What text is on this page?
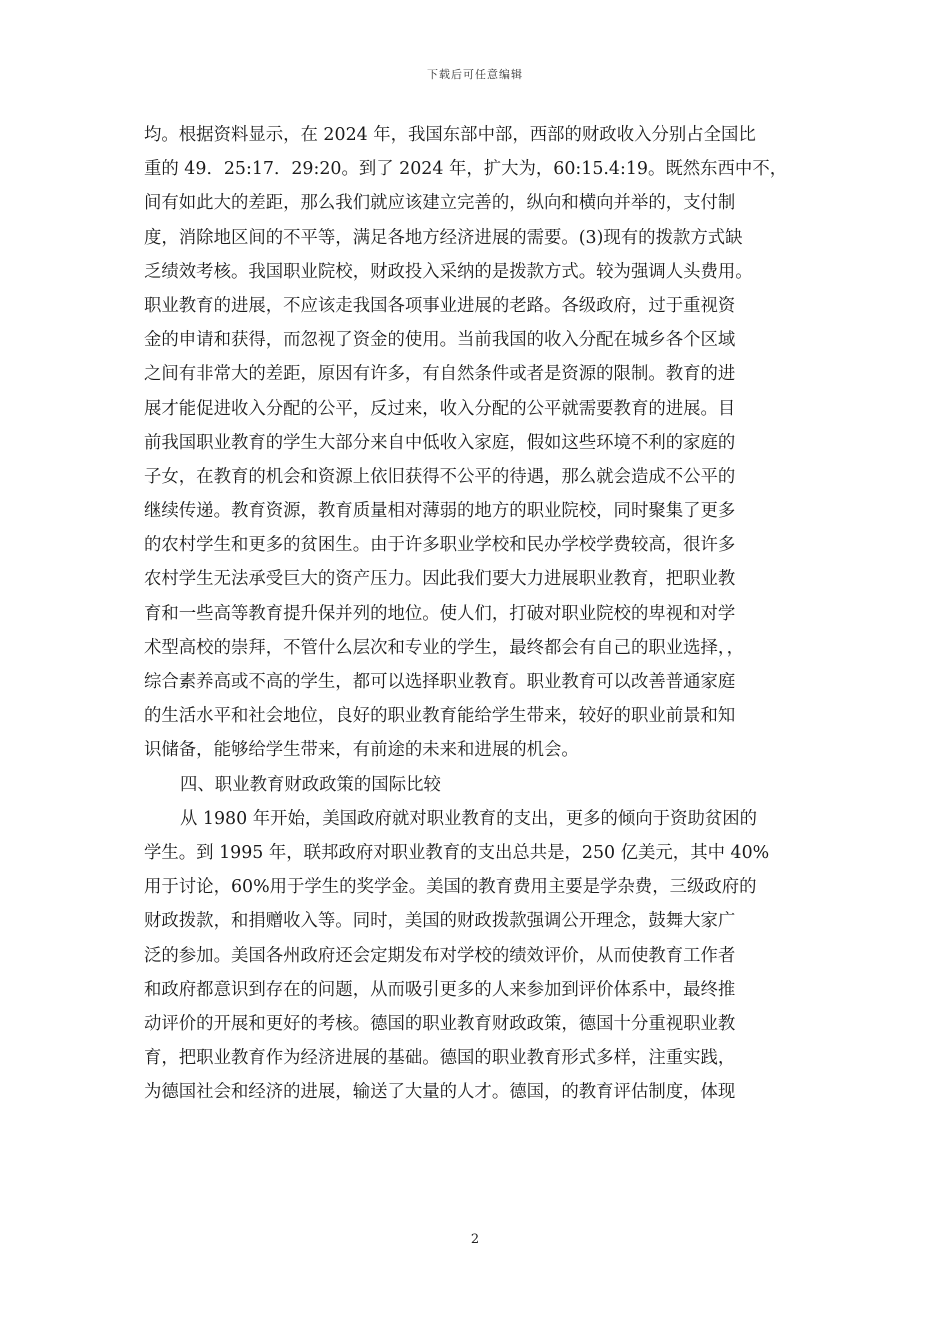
下载后可任意编辑
均。根据资料显示，在 2024 年，我国东部中部，西部的财政收入分别占全国比
重的 49．25:17．29:20。到了 2024 年，扩大为，60:15.4:19。既然东西中不，
间有如此大的差距，那么我们就应该建立完善的，纵向和横向并举的，支付制
度，消除地区间的不平等，满足各地方经济进展的需要。(3)现有的拨款方式缺
乏绩效考核。我国职业院校，财政投入采纳的是拨款方式。较为强调人头费用。
职业教育的进展，不应该走我国各项事业进展的老路。各级政府，过于重视资
金的申请和获得，而忽视了资金的使用。当前我国的收入分配在城乡各个区域
之间有非常大的差距，原因有许多，有自然条件或者是资源的限制。教育的进
展才能促进收入分配的公平，反过来，收入分配的公平就需要教育的进展。目
前我国职业教育的学生大部分来自中低收入家庭，假如这些环境不利的家庭的
子女，在教育的机会和资源上依旧获得不公平的待遇，那么就会造成不公平的
继续传递。教育资源，教育质量相对薄弱的地方的职业院校，同时聚集了更多
的农村学生和更多的贫困生。由于许多职业学校和民办学校学费较高，很许多
农村学生无法承受巨大的资产压力。因此我们要大力进展职业教育，把职业教
育和一些高等教育提升保并列的地位。使人们，打破对职业院校的卑视和对学
术型高校的崇拜，不管什么层次和专业的学生，最终都会有自己的职业选择，，
综合素养高或不高的学生，都可以选择职业教育。职业教育可以改善普通家庭
的生活水平和社会地位，良好的职业教育能给学生带来，较好的职业前景和知
识储备，能够给学生带来，有前途的未来和进展的机会。
四、职业教育财政政策的国际比较
从 1980 年开始，美国政府就对职业教育的支出，更多的倾向于资助贫困的
学生。到 1995 年，联邦政府对职业教育的支出总共是，250 亿美元，其中 40%
用于讨论，60%用于学生的奖学金。美国的教育费用主要是学杂费，三级政府的
财政拨款，和捐赠收入等。同时，美国的财政拨款强调公开理念，鼓舞大家广
泛的参加。美国各州政府还会定期发布对学校的绩效评价，从而使教育工作者
和政府都意识到存在的问题，从而吸引更多的人来参加到评价体系中，最终推
动评价的开展和更好的考核。德国的职业教育财政政策，德国十分重视职业教
育，把职业教育作为经济进展的基础。德国的职业教育形式多样，注重实践，
为德国社会和经济的进展，输送了大量的人才。德国，的教育评估制度，体现
2
